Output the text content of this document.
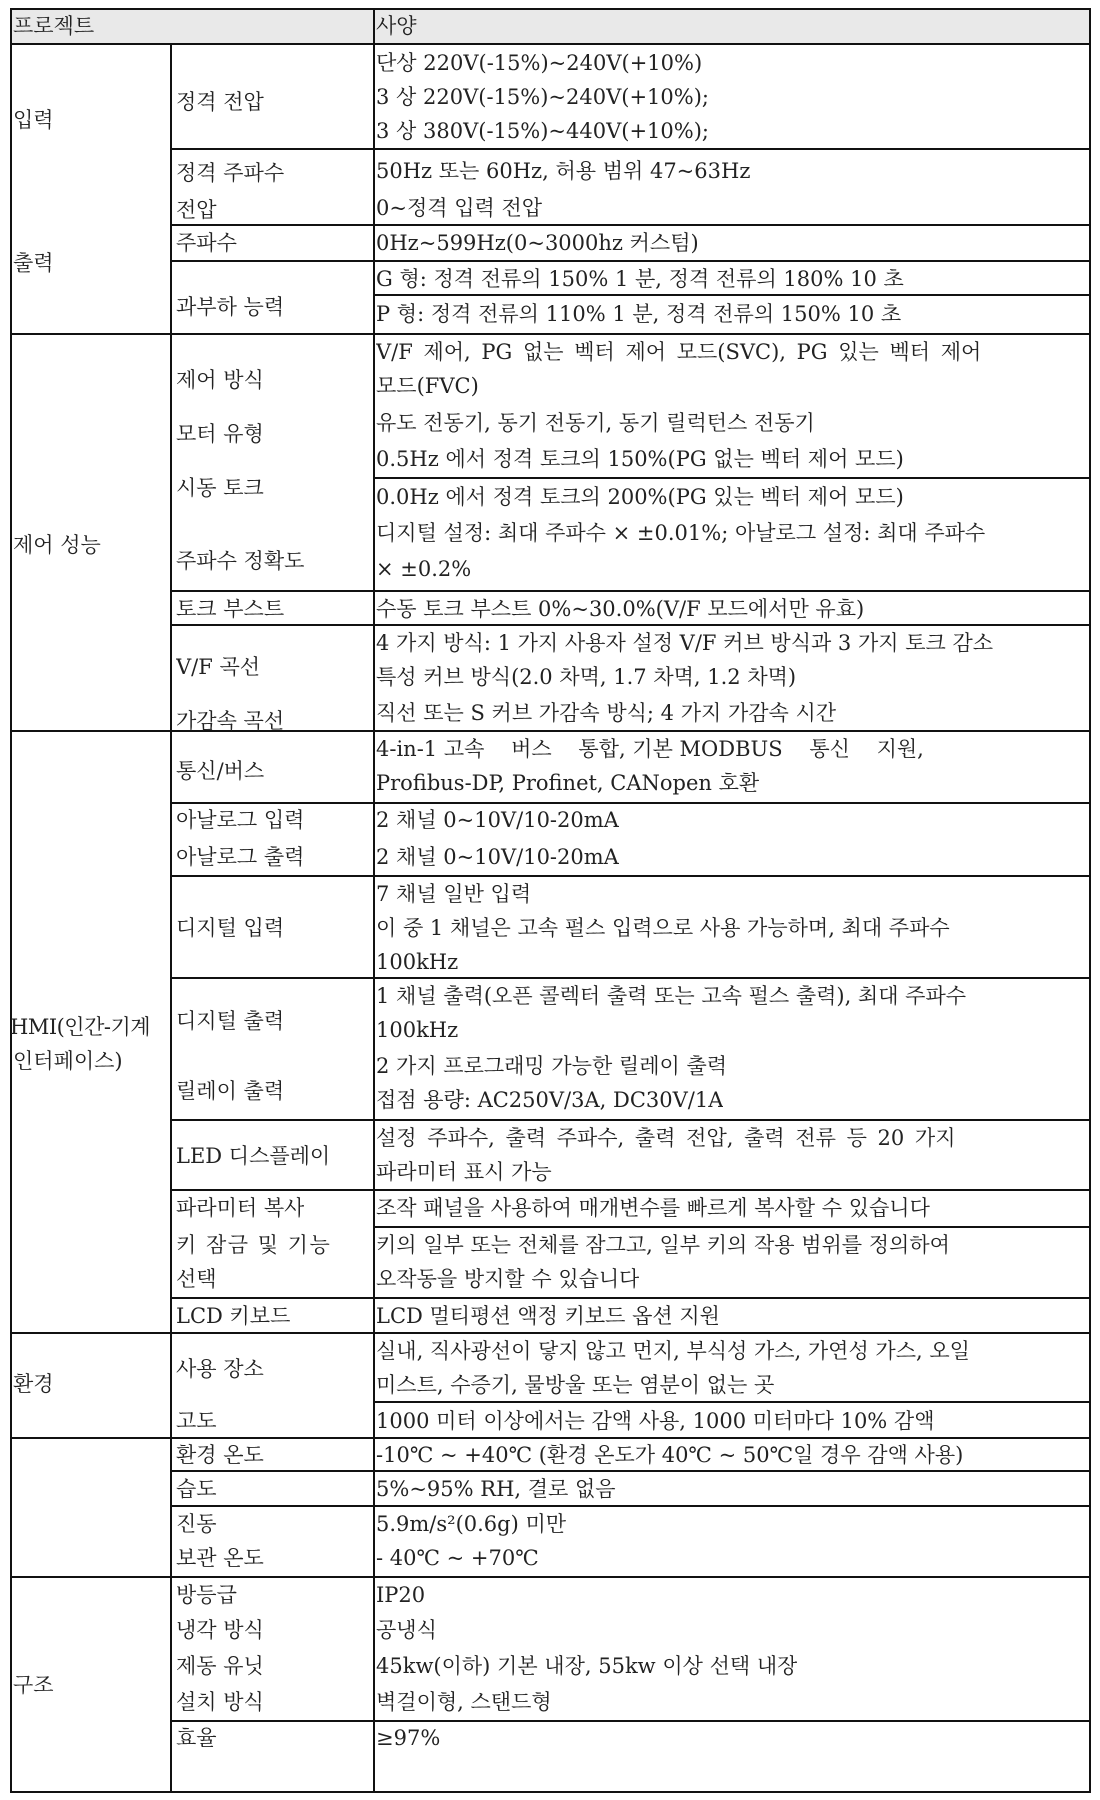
프로젝트	사양
입력
출력
제어 성능
HMI(인간-기계
인터페이스)
환경
구조
정격 전압
정격 주파수
전압
주파수
과부하 능력
제어 방식
모터 유형
시동 토크
주파수 정확도
토크 부스트
V/F 곡선
가감속 곡선
통신/버스
아날로그 입력
아날로그 출력
디지털 입력
디지털 출력
릴레이 출력
LED 디스플레이
파라미터 복사
키 잠금 및 기능
선택
LCD 키보드
사용 장소
고도
환경 온도
습도
진동
보관 온도
방등급
냉각 방식
제동 유닛
설치 방식
효율
단상 220V(-15%)~240V(+10%)
3 상 220V(-15%)~240V(+10%);
3 상 380V(-15%)~440V(+10%);
50Hz 또는 60Hz, 허용 범위 47~63Hz
0~정격 입력 전압
0Hz~599Hz(0~3000hz 커스텀)
G 형: 정격 전류의 150% 1 분, 정격 전류의 180% 10 초
P 형: 정격 전류의 110% 1 분, 정격 전류의 150% 10 초
V/F 제어, PG 없는 벡터 제어 모드(SVC), PG 있는 벡터 제어
모드(FVC)
유도 전동기, 동기 전동기, 동기 릴럭턴스 전동기
0.5Hz 에서 정격 토크의 150%(PG 없는 벡터 제어 모드)
0.0Hz 에서 정격 토크의 200%(PG 있는 벡터 제어 모드)
디지털 설정: 최대 주파수 × ±0.01%; 아날로그 설정: 최대 주파수
× ±0.2%
수동 토크 부스트 0%~30.0%(V/F 모드에서만 유효)
4 가지 방식: 1 가지 사용자 설정 V/F 커브 방식과 3 가지 토크 감소
특성 커브 방식(2.0 차멱, 1.7 차멱, 1.2 차멱)
직선 또는 S 커브 가감속 방식; 4 가지 가감속 시간
4-in-1 고속    버스    통합, 기본 MODBUS    통신    지원,
Profibus-DP, Profinet, CANopen 호환
2 채널 0~10V/10-20mA
2 채널 0~10V/10-20mA
7 채널 일반 입력
이 중 1 채널은 고속 펄스 입력으로 사용 가능하며, 최대 주파수
100kHz
1 채널 출력(오픈 콜렉터 출력 또는 고속 펄스 출력), 최대 주파수
100kHz
2 가지 프로그래밍 가능한 릴레이 출력
접점 용량: AC250V/3A, DC30V/1A
설정 주파수, 출력 주파수, 출력 전압, 출력 전류 등 20 가지
파라미터 표시 가능
조작 패널을 사용하여 매개변수를 빠르게 복사할 수 있습니다
키의 일부 또는 전체를 잠그고, 일부 키의 작용 범위를 정의하여
오작동을 방지할 수 있습니다
LCD 멀티평션 액정 키보드 옵션 지원
실내, 직사광선이 닿지 않고 먼지, 부식성 가스, 가연성 가스, 오일
미스트, 수증기, 물방울 또는 염분이 없는 곳
1000 미터 이상에서는 감액 사용, 1000 미터마다 10% 감액
-10℃ ~ +40℃ (환경 온도가 40℃ ~ 50℃일 경우 감액 사용)
5%~95% RH, 결로 없음
5.9m/s²(0.6g) 미만
- 40℃ ~ +70℃
IP20
공냉식
45kw(이하) 기본 내장, 55kw 이상 선택 내장
벽걸이형, 스탠드형
≥97%
